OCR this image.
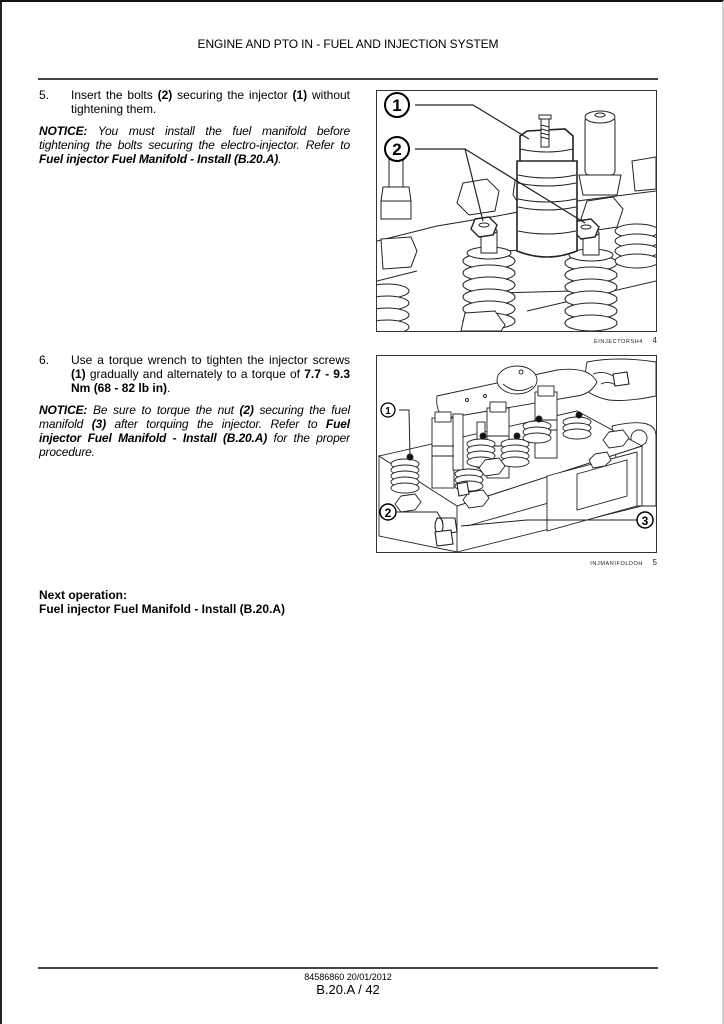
ENGINE AND PTO IN - FUEL AND INJECTION SYSTEM
5. Insert the bolts (2) securing the injector (1) without tightening them.
NOTICE: You must install the fuel manifold before tightening the bolts securing the electro-injector. Refer to Fuel injector Fuel Manifold - Install (B.20.A).
1
2
EINJECTORSH4 4
6. Use a torque wrench to tighten the injector screws (1) gradually and alternately to a torque of 7.7 - 9.3 Nm (68 - 82 lb in).
NOTICE: Be sure to torque the nut (2) securing the fuel manifold (3) after torquing the injector. Refer to Fuel injector Fuel Manifold - Install (B.20.A) for the proper procedure.
1
2
3
INJMANIFOLDOH 5
Next operation:
Fuel injector Fuel Manifold - Install (B.20.A)
84586860 20/01/2012
B.20.A / 42
